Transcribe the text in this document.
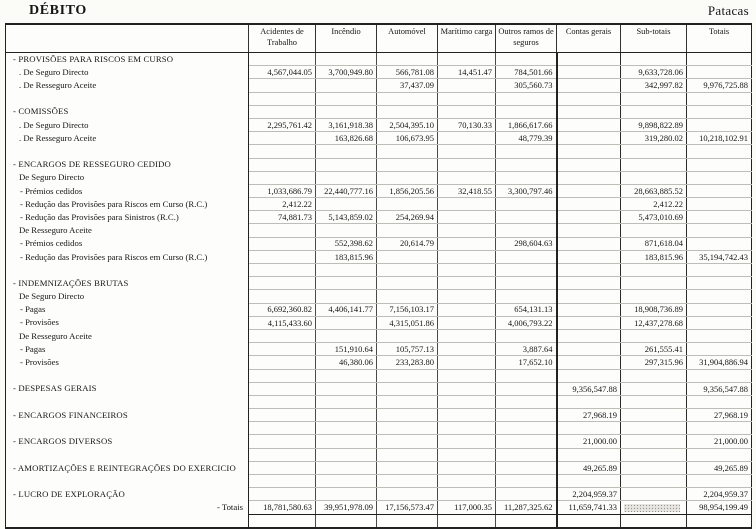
DÉBITO	Patacas
	Acidentes de Trabalho	Incêndio	Automóvel	Marítimo carga	Outros ramos de seguros	Contas gerais	Sub-totais	Totais
- PROVISÕES PARA RISCOS EM CURSO								
. De Seguro Directo	4,567,044.05	3,700,949.80	566,781.08	14,451.47	784,501.66		9,633,728.06	
. De Resseguro Aceite			37,437.09		305,560.73		342,997.82	9,976,725.88

- COMISSÕES								
. De Seguro Directo	2,295,761.42	3,161,918.38	2,504,395.10	70,130.33	1,866,617.66		9,898,822.89	
. De Resseguro Aceite		163,826.68	106,673.95		48,779.39		319,280.02	10,218,102.91

- ENCARGOS DE RESSEGURO CEDIDO								
De Seguro Directo								
- Prémios cedidos	1,033,686.79	22,440,777.16	1,856,205.56	32,418.55	3,300,797.46		28,663,885.52	
- Redução das Provisões para Riscos em Curso (R.C.)	2,412.22						2,412.22	
- Redução das Provisões para Sinistros (R.C.)	74,881.73	5,143,859.02	254,269.94				5,473,010.69	
De Resseguro Aceite								
- Prémios cedidos		552,398.62	20,614.79		298,604.63		871,618.04	
- Redução das Provisões para Riscos em Curso (R.C.)		183,815.96					183,815.96	35,194,742.43

- INDEMNIZAÇÕES BRUTAS								
De Seguro Directo								
- Pagas	6,692,360.82	4,406,141.77	7,156,103.17		654,131.13		18,908,736.89	
- Provisões	4,115,433.60		4,315,051.86		4,006,793.22		12,437,278.68	
De Resseguro Aceite								
- Pagas		151,910.64	105,757.13		3,887.64		261,555.41	
- Provisões		46,380.06	233,283.80		17,652.10		297,315.96	31,904,886.94

- DESPESAS GERAIS						9,356,547.88		9,356,547.88

- ENCARGOS FINANCEIROS						27,968.19		27,968.19

- ENCARGOS DIVERSOS						21,000.00		21,000.00

- AMORTIZAÇÕES E REINTEGRAÇÕES DO EXERCICIO						49,265.89		49,265.89

- LUCRO DE EXPLORAÇÃO						2,204,959.37		2,204,959.37
- Totais	18,781,580.63	39,951,978.09	17,156,573.47	117,000.35	11,287,325.62	11,659,741.33		98,954,199.49
